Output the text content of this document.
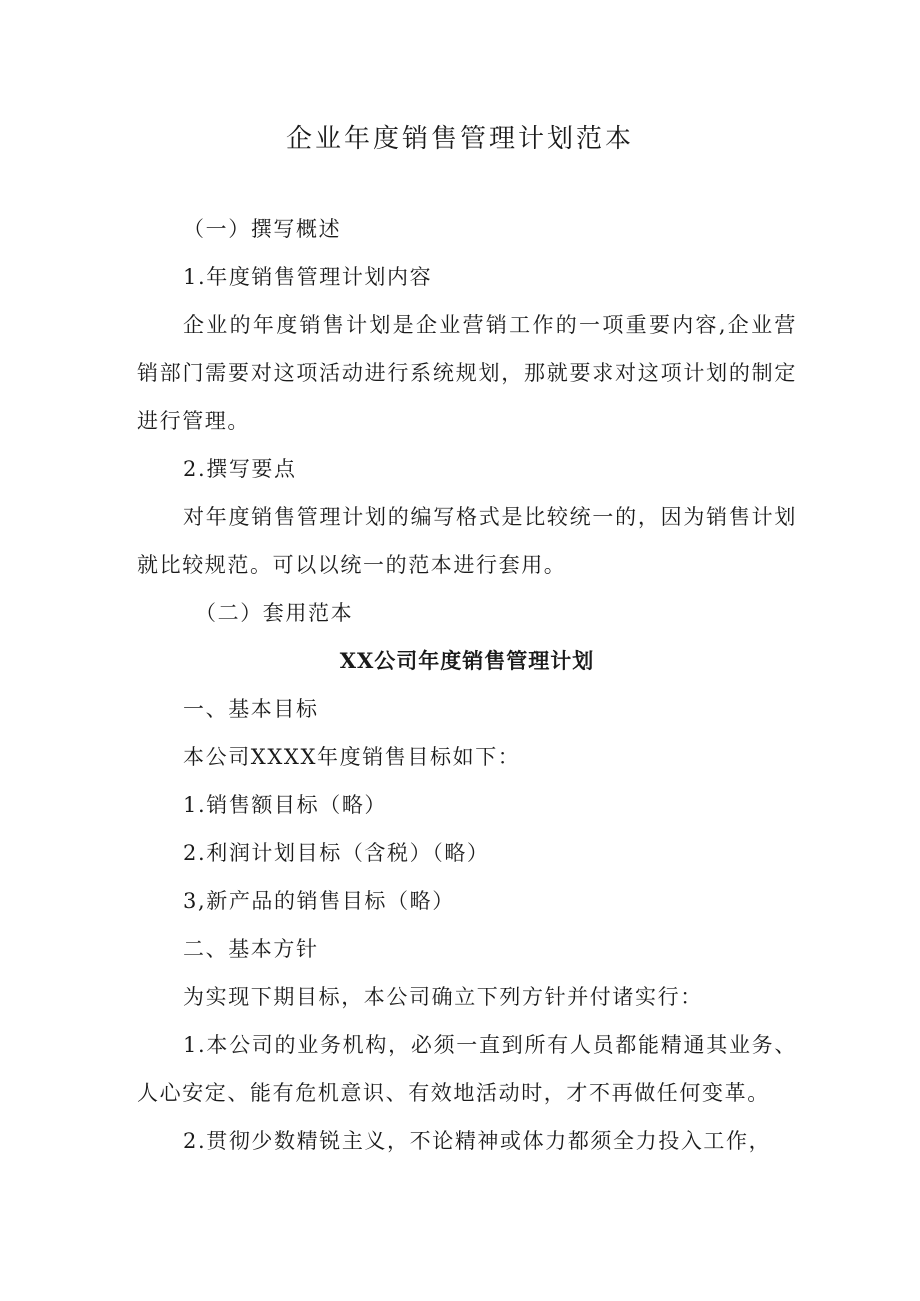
企业年度销售管理计划范本

（一）撰写概述

1.年度销售管理计划内容

企业的年度销售计划是企业营销工作的一项重要内容,企业营销部门需要对这项活动进行系统规划，那就要求对这项计划的制定进行管理。

2.撰写要点

对年度销售管理计划的编写格式是比较统一的，因为销售计划就比较规范。可以以统一的范本进行套用。

（二）套用范本

XX公司年度销售管理计划

一、基本目标

本公司XXXX年度销售目标如下：

1.销售额目标（略）

2.利润计划目标（含税）（略）

3,新产品的销售目标（略）

二、基本方针

为实现下期目标，本公司确立下列方针并付诸实行：

1.本公司的业务机构，必须一直到所有人员都能精通其业务、人心安定、能有危机意识、有效地活动时，才不再做任何变革。

2.贯彻少数精锐主义，不论精神或体力都须全力投入工作，
